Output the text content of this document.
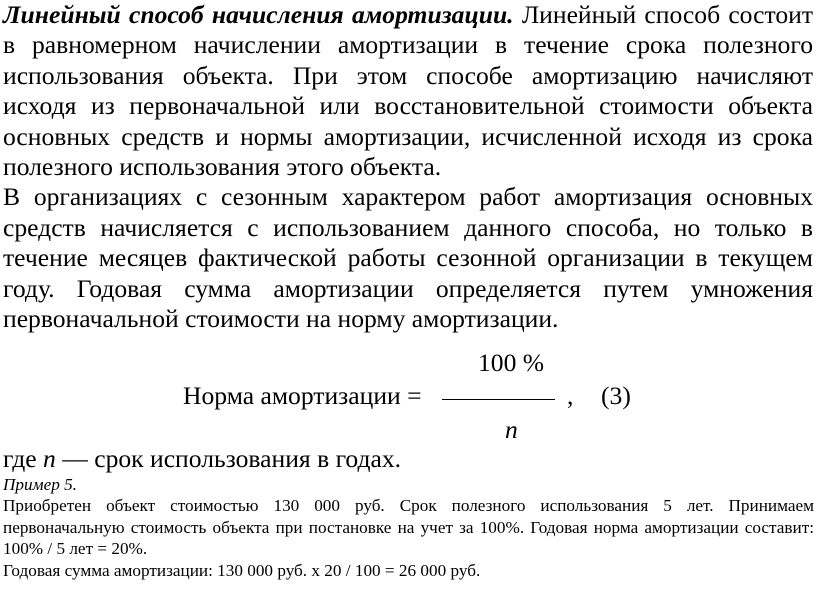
Линейный способ начисления амортизации. Линейный способ состоит в равномерном начислении амортизации в течение срока полезного использования объекта. При этом способе амортизацию начисляют исходя из первоначальной или восстановительной стоимости объекта основных средств и нормы амортизации, исчисленной исходя из срока полезного использования этого объекта.

В организациях с сезонным характером работ амортизация основных средств начисляется с использованием данного способа, но только в течение месяцев фактической работы сезонной организации в текущем году. Годовая сумма амортизации определяется путем умножения первоначальной стоимости на норму амортизации.

100 %
Норма амортизации =	, (3)
n
где n — срок использования в годах.

Пример 5.

Приобретен объект стоимостью 130 000 руб. Срок полезного использования 5 лет. Принимаем первоначальную стоимость объекта при постановке на учет за 100%. Годовая норма амортизации составит: 100% / 5 лет = 20%.

Годовая сумма амортизации: 130 000 руб. х 20 / 100 = 26 000 руб.
